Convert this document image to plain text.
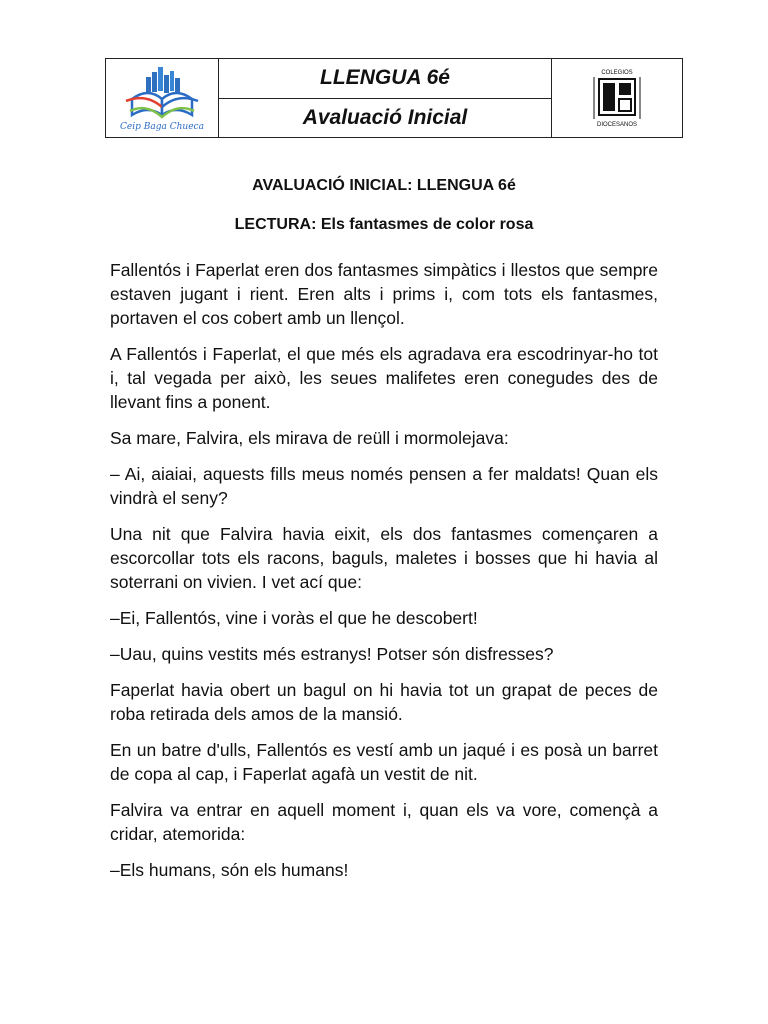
Ceip Baga Chueca
LLENGUA 6é
Avaluació Inicial
COLEGIOS
DIOCESANOS
AVALUACIÓ INICIAL: LLENGUA 6é
LECTURA: Els fantasmes de color rosa

Fallentós i Faperlat eren dos fantasmes simpàtics i llestos que sempre estaven jugant i rient. Eren alts i prims i, com tots els fantasmes, portaven el cos cobert amb un llençol.

A Fallentós i Faperlat, el que més els agradava era escodrinyar-ho tot i, tal vegada per això, les seues malifetes eren conegudes des de llevant fins a ponent.

Sa mare, Falvira, els mirava de reüll i mormolejava:

– Ai, aiaiai, aquests fills meus només pensen a fer maldats! Quan els vindrà el seny?

Una nit que Falvira havia eixit, els dos fantasmes començaren a escorcollar tots els racons, baguls, maletes i bosses que hi havia al soterrani on vivien. I vet ací que:

–Ei, Fallentós, vine i voràs el que he descobert!

–Uau, quins vestits més estranys! Potser són disfresses?

Faperlat havia obert un bagul on hi havia tot un grapat de peces de roba retirada dels amos de la mansió.

En un batre d'ulls, Fallentós es vestí amb un jaqué i es posà un barret de copa al cap, i Faperlat agafà un vestit de nit.

Falvira va entrar en aquell moment i, quan els va vore, començà a cridar, atemorida:

–Els humans, són els humans!
